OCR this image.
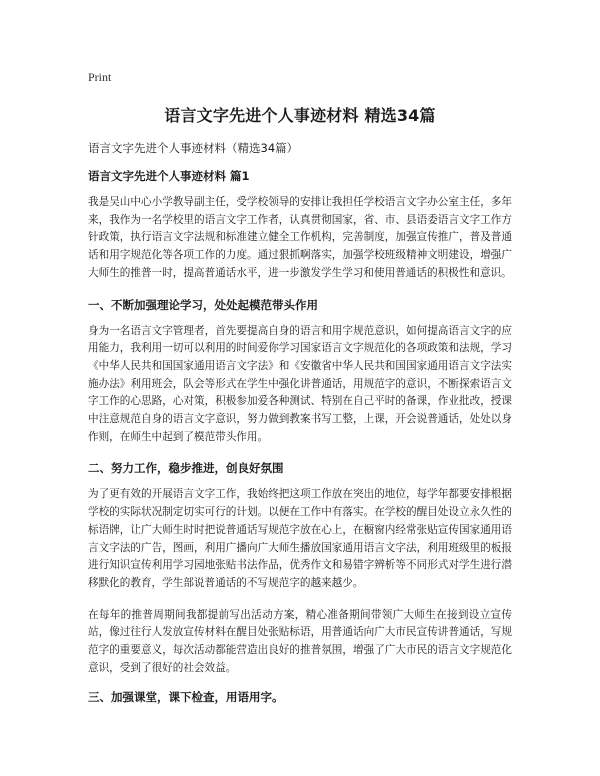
Print
语言文字先进个人事迹材料 精选34篇
语言文字先进个人事迹材料（精选34篇）
语言文字先进个人事迹材料 篇1

我是吴山中心小学教导副主任，受学校领导的安排让我担任学校语言文字办公室主任，多年来，我作为一名学校里的语言文字工作者，认真贯彻国家，省、市、县语委语言文字工作方针政策，执行语言文字法规和标准建立健全工作机构，完善制度，加强宣传推广，普及普通话和用字规范化等各项工作的力度。通过狠抓啊落实，加强学校班级精神文明建设，增强广大师生的推普一时，提高普通话水平，进一步激发学生学习和使用普通话的积极性和意识。

一、不断加强理论学习，处处起模范带头作用

身为一名语言文字管理者，首先要提高自身的语言和用字规范意识，如何提高语言文字的应用能力，我利用一切可以利用的时间爱你学习国家语言文字规范化的各项政策和法规，学习《中华人民共和国国家通用语言文字法》和《安徽省中华人民共和国国家通用语言文字法实施办法》利用班会，队会等形式在学生中强化讲普通话，用规范字的意识，不断探索语言文字工作的心思路，心对策，积极参加爱各种测试、特别在自己平时的备课，作业批改，授课中注意规范自身的语言文字意识，努力做到教案书写工整，上课，开会说普通话，处处以身作则，在师生中起到了模范带头作用。

二、努力工作，稳步推进，创良好氛围

为了更有效的开展语言文字工作，我始终把这项工作放在突出的地位，每学年都要安排根据学校的实际状况制定切实可行的计划。以便在工作中有落实。在学校的醒目处设立永久性的标语牌，让广大师生时时把说普通话写规范字放在心上，在橱窗内经常张贴宣传国家通用语言文字法的广告，图画，利用广播向广大师生播放国家通用语言文字法，利用班级里的板报进行知识宣传利用学习园地张贴书法作品，优秀作文和易错字辨析等不同形式对学生进行潜移默化的教育，学生部说普通话的不写规范字的越来越少。

在每年的推普周期间我都提前写出活动方案，精心准备期间带领广大师生在接到设立宣传站，像过往行人发放宣传材料在醒目处张贴标语，用普通话向广大市民宣传讲普通话，写规范字的重要意义，每次活动都能营造出良好的推普氛围，增强了广大市民的语言文字规范化意识，受到了很好的社会效益。

三、加强课堂，课下检查，用语用字。
